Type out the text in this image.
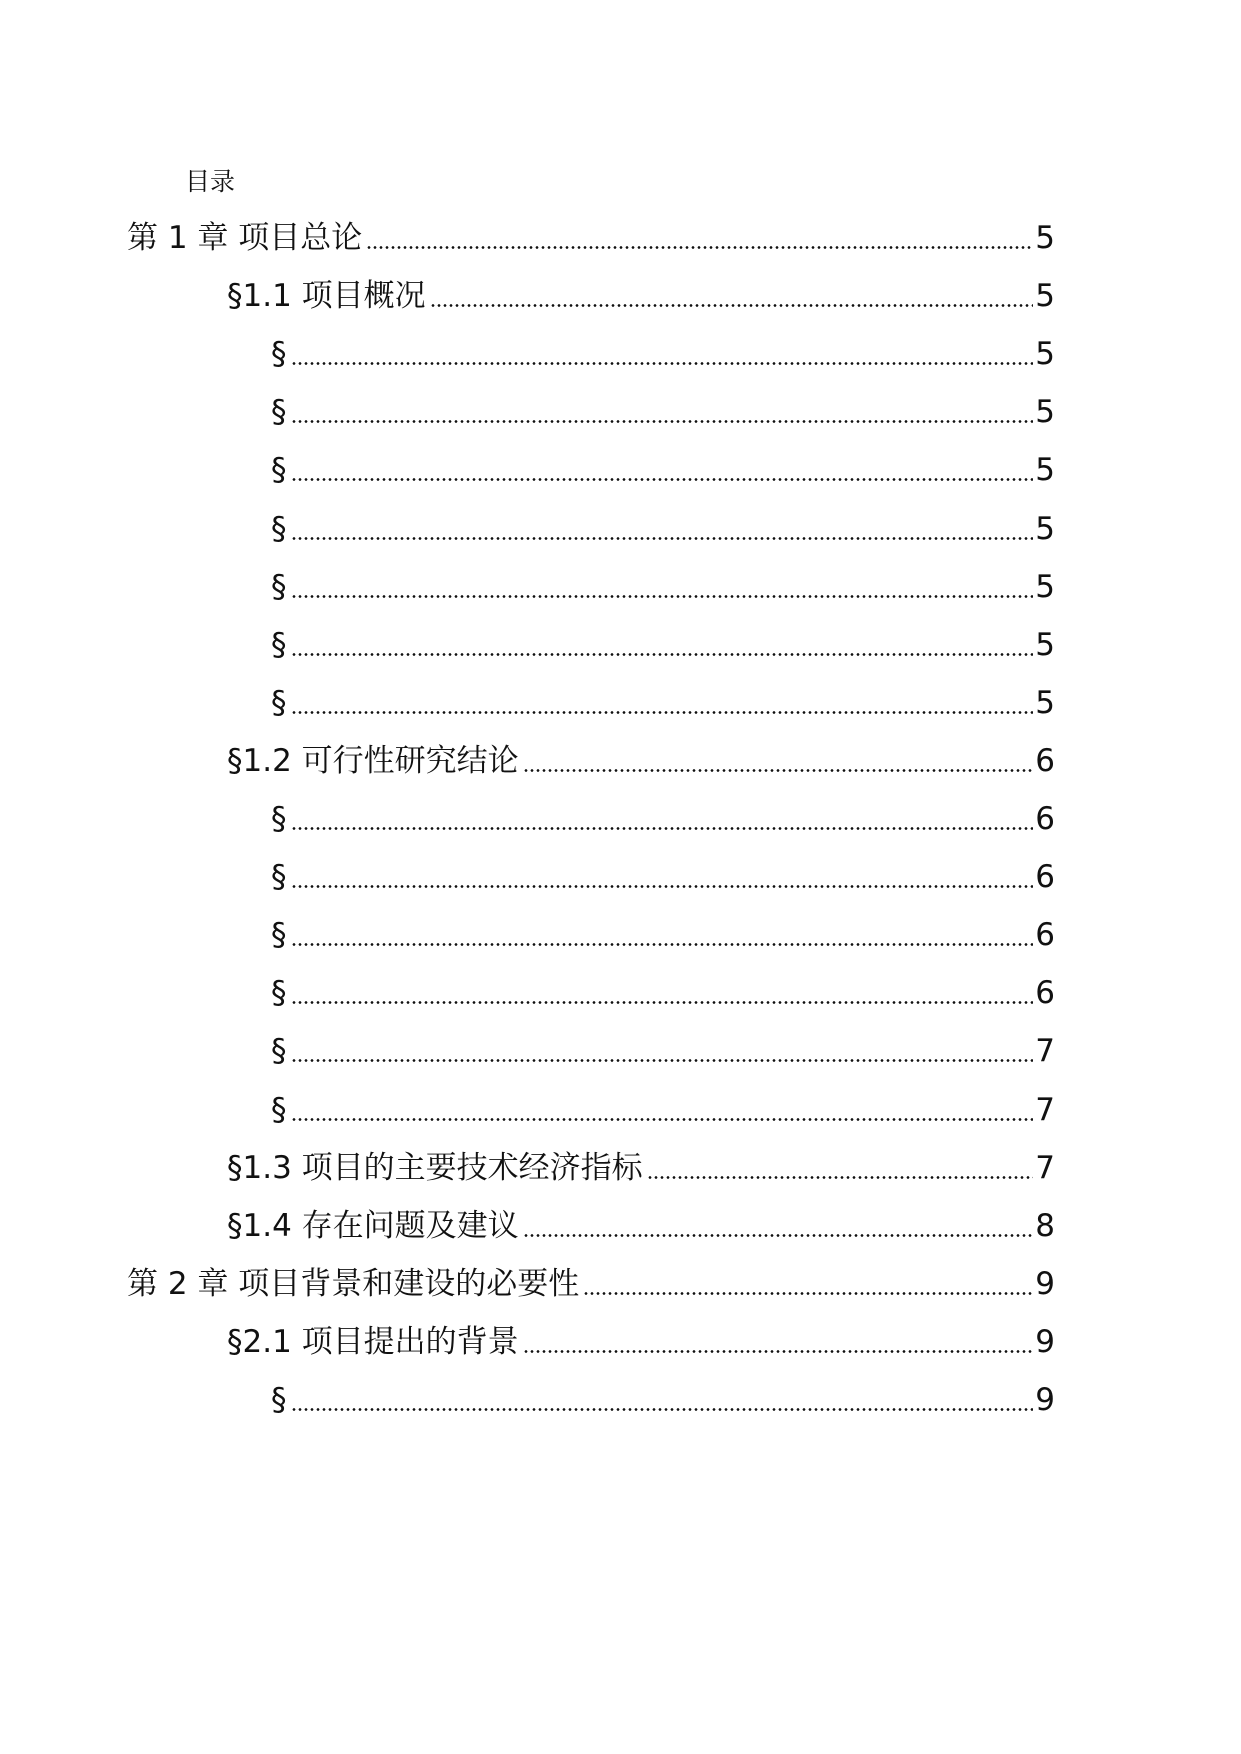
目录
第 1 章 项目总论	5
§1.1 项目概况	5
§	5
§	5
§	5
§	5
§	5
§	5
§	5
§1.2 可行性研究结论	6
§	6
§	6
§	6
§	6
§	7
§	7
§1.3 项目的主要技术经济指标	7
§1.4 存在问题及建议	8
第 2 章 项目背景和建设的必要性	9
§2.1 项目提出的背景	9
§	9
